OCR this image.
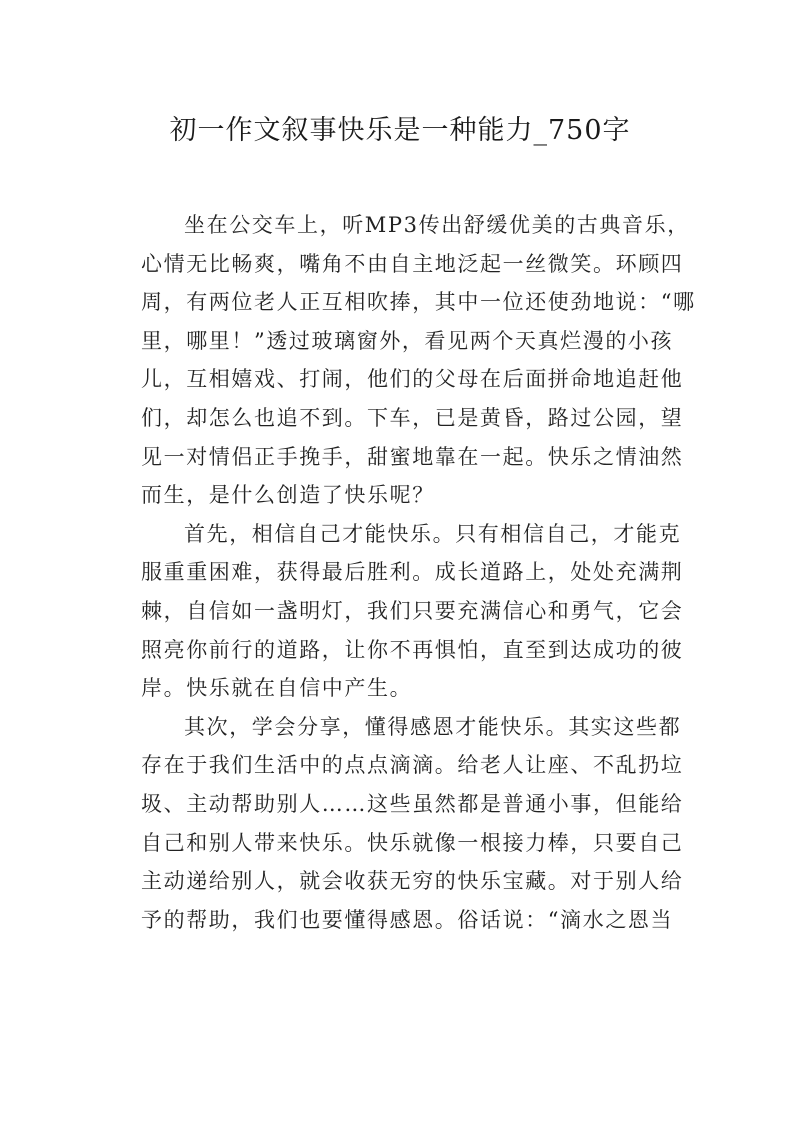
初一作文叙事快乐是一种能力_750字
坐在公交车上，听MP3传出舒缓优美的古典音乐，
心情无比畅爽，嘴角不由自主地泛起一丝微笑。环顾四
周，有两位老人正互相吹捧，其中一位还使劲地说：“哪
里，哪里！”透过玻璃窗外，看见两个天真烂漫的小孩
儿，互相嬉戏、打闹，他们的父母在后面拼命地追赶他
们，却怎么也追不到。下车，已是黄昏，路过公园，望
见一对情侣正手挽手，甜蜜地靠在一起。快乐之情油然
而生，是什么创造了快乐呢？
首先，相信自己才能快乐。只有相信自己，才能克
服重重困难，获得最后胜利。成长道路上，处处充满荆
棘，自信如一盏明灯，我们只要充满信心和勇气，它会
照亮你前行的道路，让你不再惧怕，直至到达成功的彼
岸。快乐就在自信中产生。
其次，学会分享，懂得感恩才能快乐。其实这些都
存在于我们生活中的点点滴滴。给老人让座、不乱扔垃
圾、主动帮助别人……这些虽然都是普通小事，但能给
自己和别人带来快乐。快乐就像一根接力棒，只要自己
主动递给别人，就会收获无穷的快乐宝藏。对于别人给
予的帮助，我们也要懂得感恩。俗话说：“滴水之恩当
